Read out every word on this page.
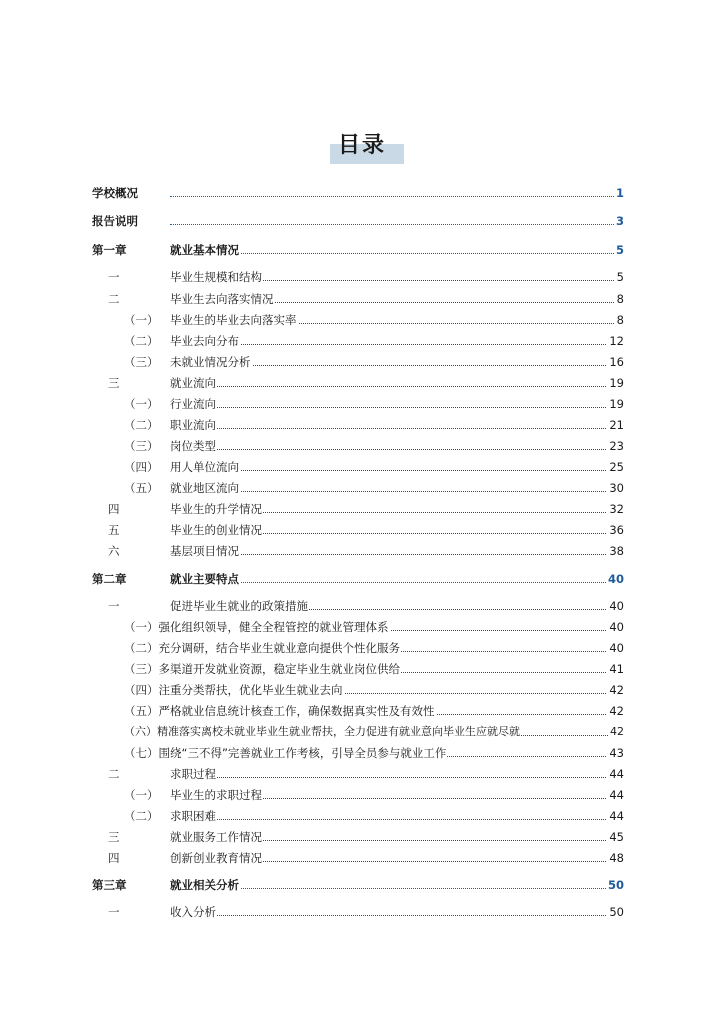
目录
学校概况	1
报告说明	3
第一章	就业基本情况	5
一	毕业生规模和结构	5
二	毕业生去向落实情况	8
（一） 毕业生的毕业去向落实率	8
（二） 毕业去向分布	12
（三） 未就业情况分析	16
三	就业流向	19
（一） 行业流向	19
（二） 职业流向	21
（三） 岗位类型	23
（四） 用人单位流向	25
（五） 就业地区流向	30
四	毕业生的升学情况	32
五	毕业生的创业情况	36
六	基层项目情况	38
第二章	就业主要特点	40
一	促进毕业生就业的政策措施	40
（一）强化组织领导，健全全程管控的就业管理体系	40
（二）充分调研，结合毕业生就业意向提供个性化服务	40
（三）多渠道开发就业资源，稳定毕业生就业岗位供给	41
（四）注重分类帮扶，优化毕业生就业去向	42
（五）严格就业信息统计核查工作，确保数据真实性及有效性	42
（六）精准落实离校未就业毕业生就业帮扶，全力促进有就业意向毕业生应就尽就	42
（七）围绕“三不得”完善就业工作考核，引导全员参与就业工作	43
二	求职过程	44
（一） 毕业生的求职过程	44
（二） 求职困难	44
三	就业服务工作情况	45
四	创新创业教育情况	48
第三章	就业相关分析	50
一	收入分析	50
